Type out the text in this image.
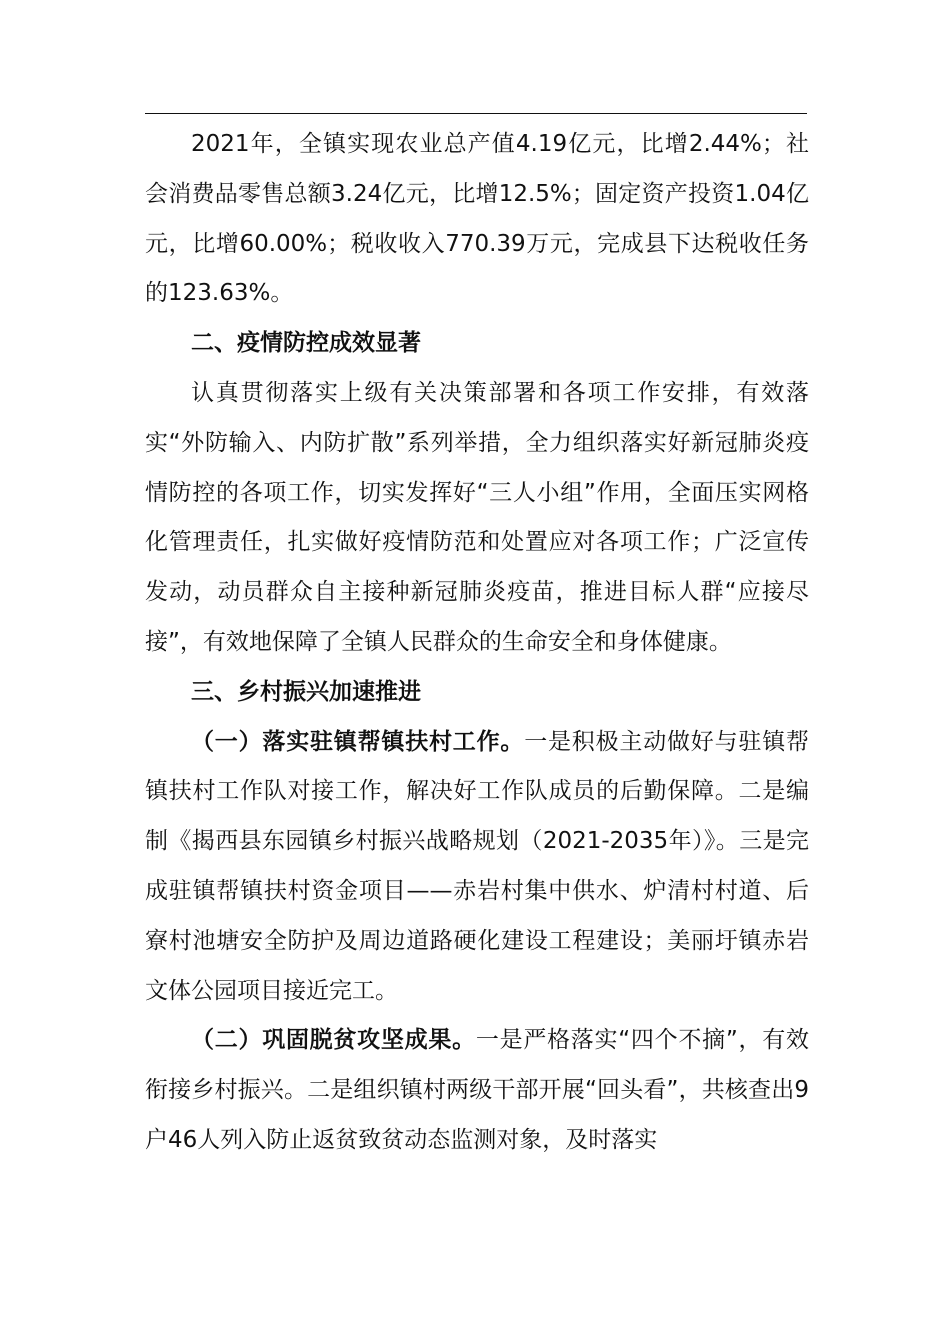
2021年，全镇实现农业总产值4.19亿元，比增2.44%；社会消费品零售总额3.24亿元，比增12.5%；固定资产投资1.04亿元，比增60.00%；税收收入770.39万元，完成县下达税收任务的123.63%。

二、疫情防控成效显著

认真贯彻落实上级有关决策部署和各项工作安排，有效落实“外防输入、内防扩散”系列举措，全力组织落实好新冠肺炎疫情防控的各项工作，切实发挥好“三人小组”作用，全面压实网格化管理责任，扎实做好疫情防范和处置应对各项工作；广泛宣传发动，动员群众自主接种新冠肺炎疫苗，推进目标人群“应接尽接”，有效地保障了全镇人民群众的生命安全和身体健康。

三、乡村振兴加速推进

（一）落实驻镇帮镇扶村工作。一是积极主动做好与驻镇帮镇扶村工作队对接工作，解决好工作队成员的后勤保障。二是编制《揭西县东园镇乡村振兴战略规划（2021-2035年）》。三是完成驻镇帮镇扶村资金项目——赤岩村集中供水、炉清村村道、后寮村池塘安全防护及周边道路硬化建设工程建设；美丽圩镇赤岩文体公园项目接近完工。

（二）巩固脱贫攻坚成果。一是严格落实“四个不摘”，有效衔接乡村振兴。二是组织镇村两级干部开展“回头看”，共核查出9户46人列入防止返贫致贫动态监测对象，及时落实
